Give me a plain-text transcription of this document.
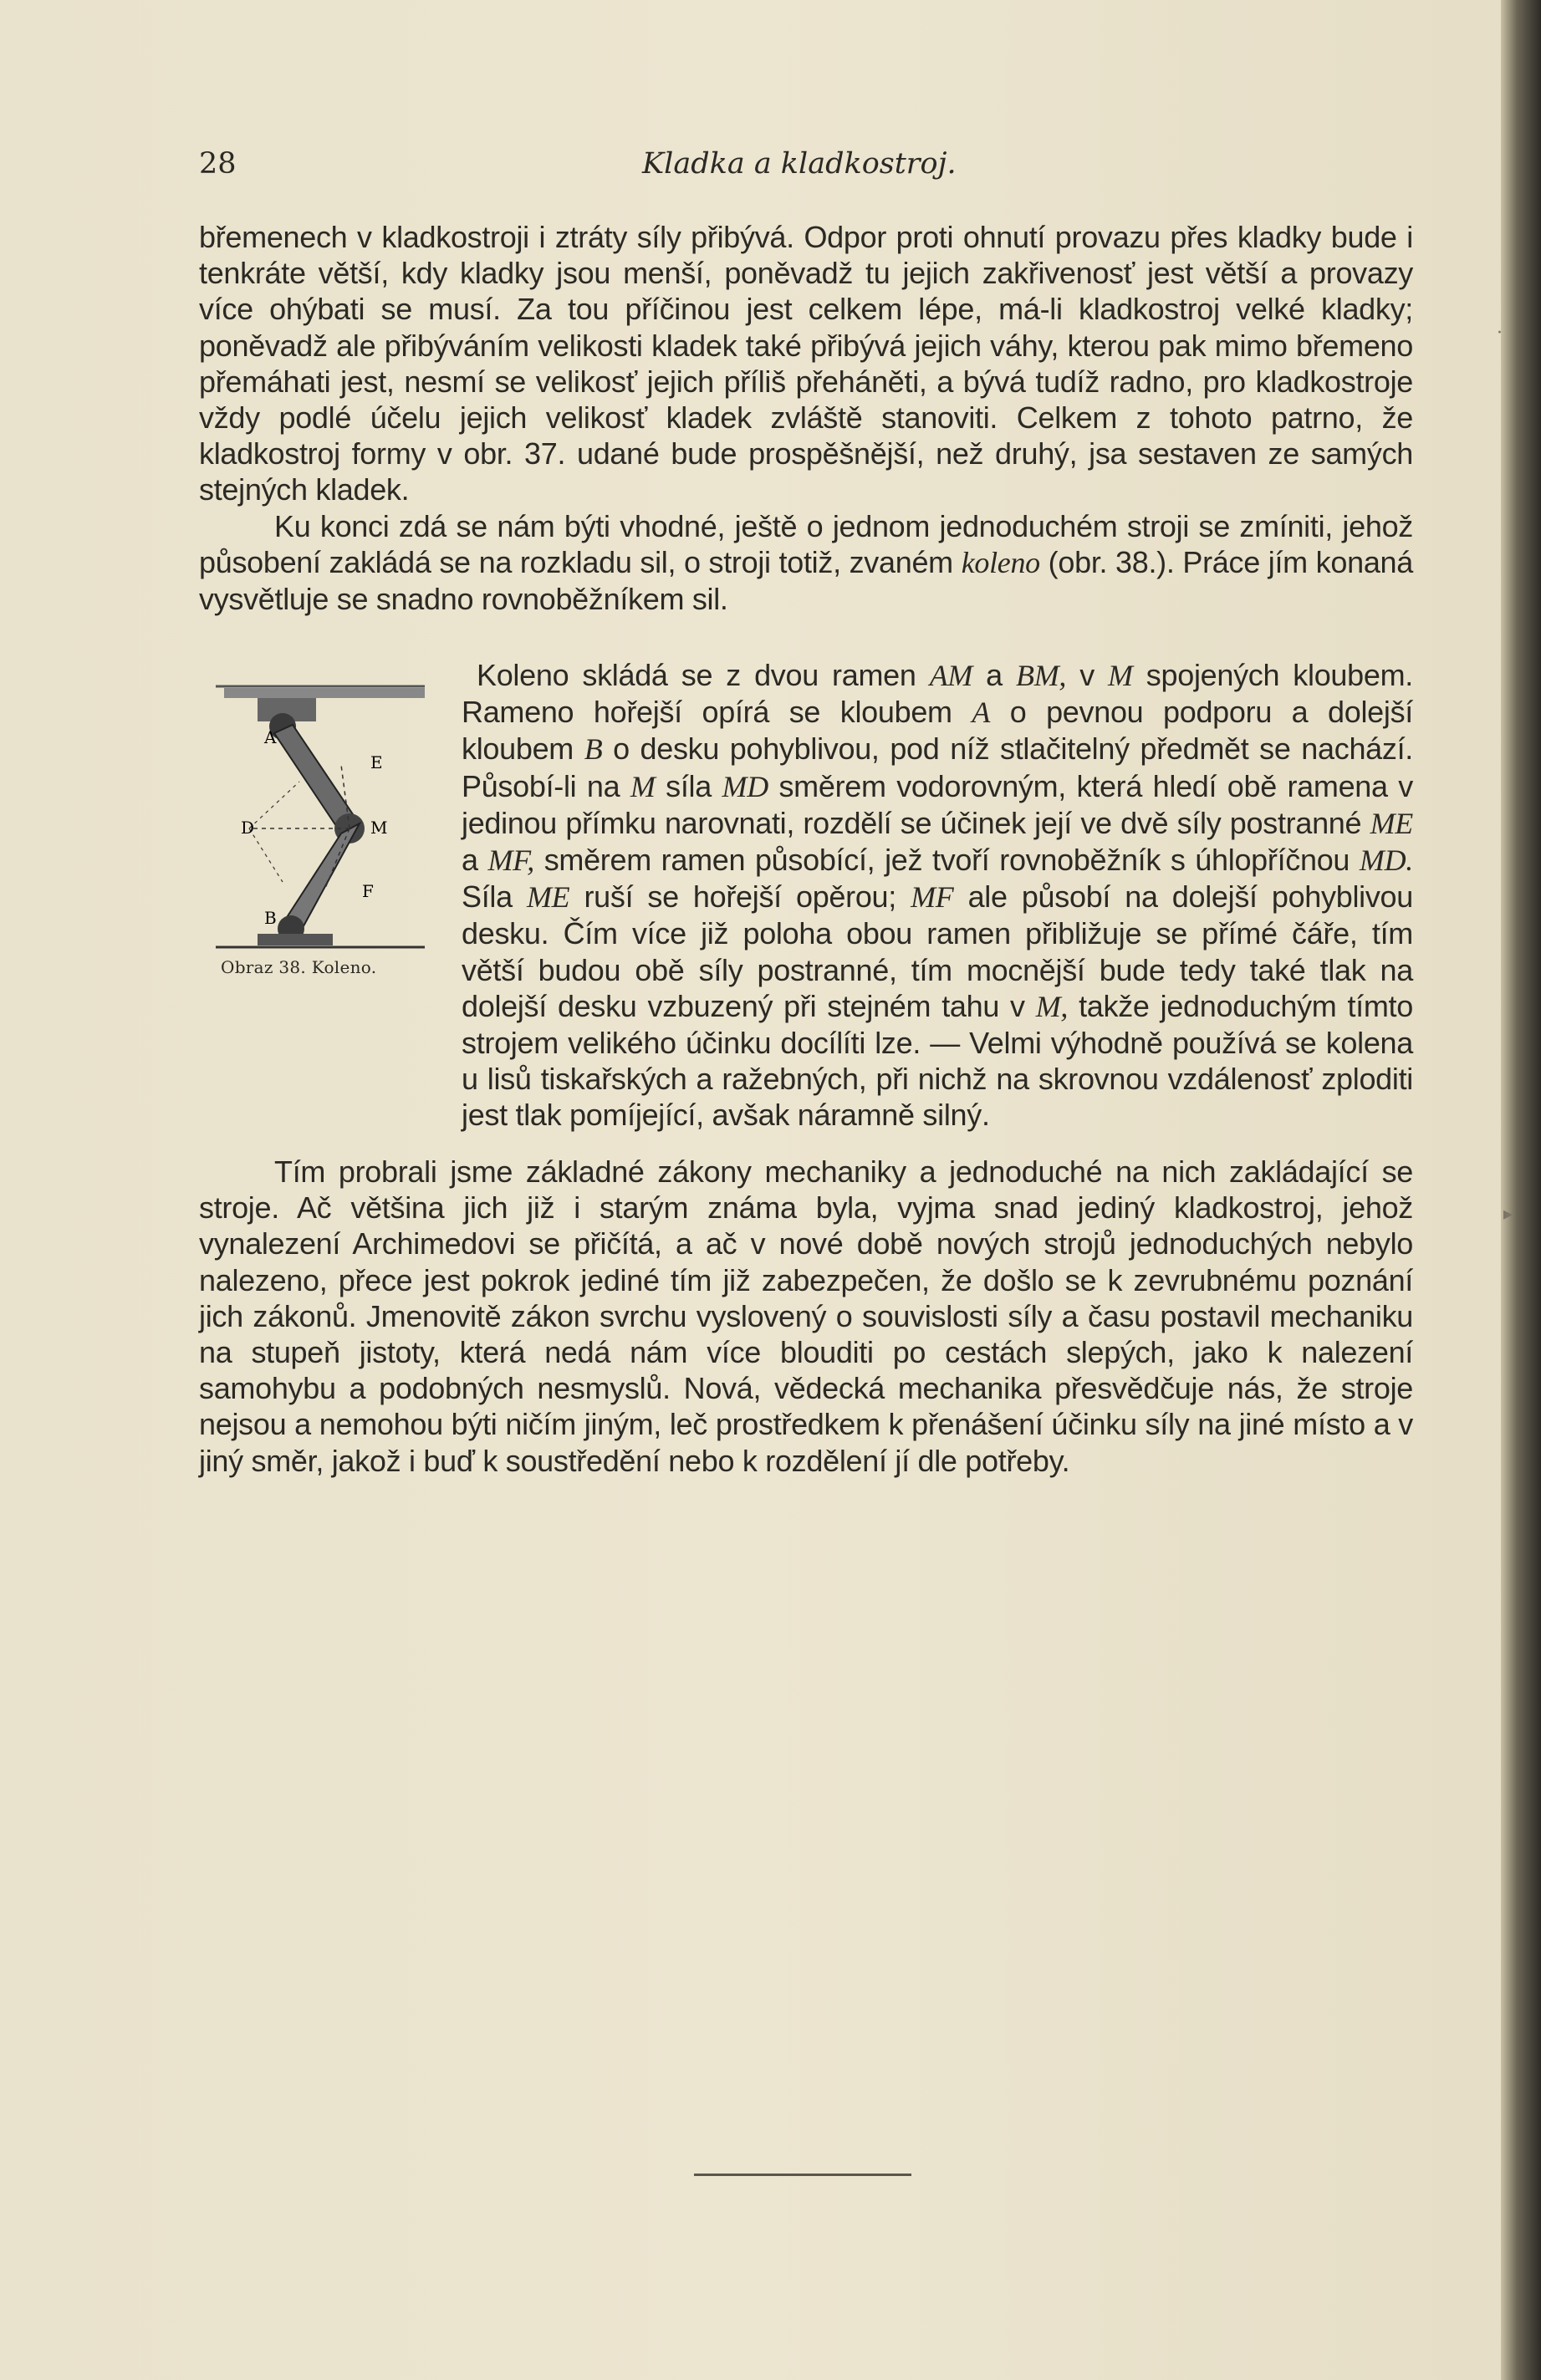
28	Kladka a kladkostroj.

břemenech v kladkostroji i ztráty síly přibývá. Odpor proti ohnutí provazu přes kladky bude i tenkráte větší, kdy kladky jsou menší, poněvadž tu jejich zakřivenosť jest větší a provazy více ohýbati se musí. Za tou příčinou jest celkem lépe, má-li kladkostroj velké kladky; poněvadž ale přibýváním velikosti kladek také přibývá jejich váhy, kterou pak mimo břemeno přemáhati jest, nesmí se velikosť jejich příliš přeháněti, a bývá tudíž radno, pro kladkostroje vždy podlé účelu jejich velikosť kladek zvláště stanoviti. Celkem z tohoto patrno, že kladkostroj formy v obr. 37. udané bude prospěšnější, než druhý, jsa sestaven ze samých stejných kladek.

Ku konci zdá se nám býti vhodné, ještě o jednom jednoduchém stroji se zmíniti, jehož působení zakládá se na rozkladu sil, o stroji totiž, zvaném koleno (obr. 38.). Práce jím konaná vysvětluje se snadno rovnoběžníkem sil.

A
E
D	M
F
B
Obraz 38. Koleno.

Koleno skládá se z dvou ramen AM a BM, v M spojených kloubem. Rameno hořejší opírá se kloubem A o pevnou podporu a dolejší kloubem B o desku pohyblivou, pod níž stlačitelný předmět se nachází. Působí-li na M síla MD směrem vodorovným, která hledí obě ramena v jedinou přímku narovnati, rozdělí se účinek její ve dvě síly postranné ME a MF, směrem ramen působící, jež tvoří rovnoběžník s úhlopříčnou MD. Síla ME ruší se hořejší opěrou; MF ale působí na dolejší pohyblivou desku. Čím více již poloha obou ramen přibližuje se přímé čáře, tím větší budou obě síly postranné, tím mocnější bude tedy také tlak na dolejší desku vzbuzený při stejném tahu v M, takže jednoduchým tímto strojem velikého účinku docílíti lze. — Velmi výhodně používá se kolena u lisů tiskařských a ražebných, při nichž na skrovnou vzdálenosť zploditi jest tlak pomíjející, avšak náramně silný.

Tím probrali jsme základné zákony mechaniky a jednoduché na nich zakládající se stroje. Ač většina jich již i starým známa byla, vyjma snad jediný kladkostroj, jehož vynalezení Archimedovi se přičítá, a ač v nové době nových strojů jednoduchých nebylo nalezeno, přece jest pokrok jediné tím již zabezpečen, že došlo se k zevrubnému poznání jich zákonů. Jmenovitě zákon svrchu vyslovený o souvislosti síly a času postavil mechaniku na stupeň jistoty, která nedá nám více blouditi po cestách slepých, jako k nalezení samohybu a podobných nesmyslů. Nová, vědecká mechanika přesvědčuje nás, že stroje nejsou a nemohou býti ničím jiným, leč prostředkem k přenášení účinku síly na jiné místo a v jiný směr, jakož i buď k soustředění nebo k rozdělení jí dle potřeby.

·
▸
